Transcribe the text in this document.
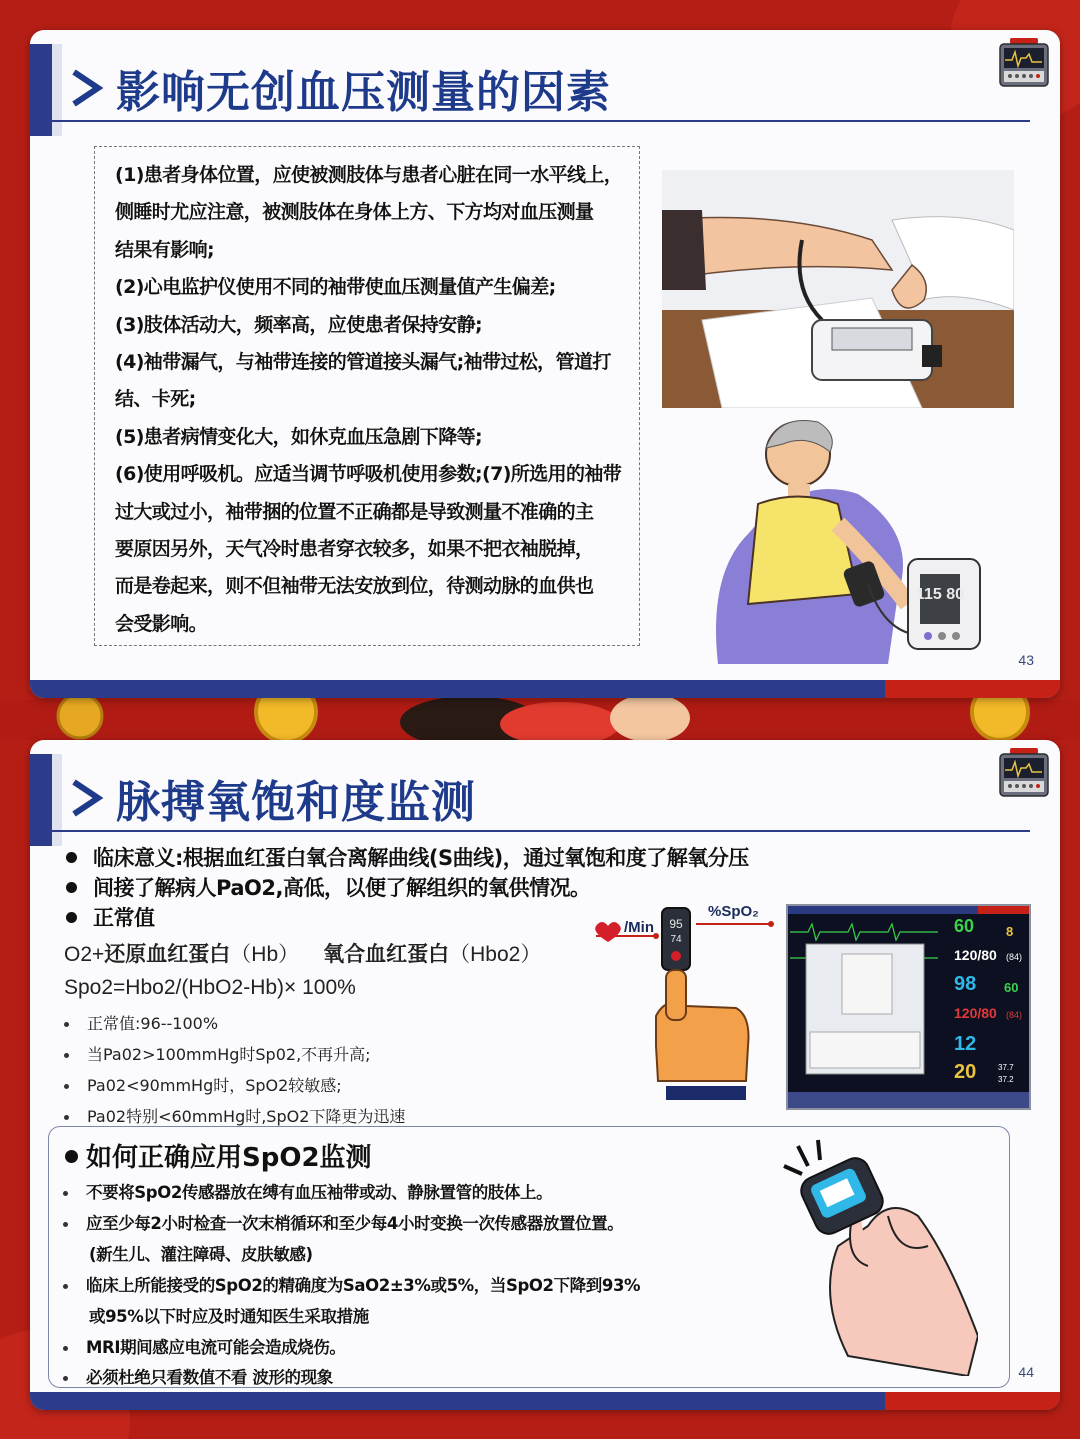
影响无创血压测量的因素
(1)患者身体位置，应使被测肢体与患者心脏在同一水平线上，
侧睡时尤应注意，被测肢体在身体上方、下方均对血压测量
结果有影响;
(2)心电监护仪使用不同的袖带使血压测量值产生偏差;
(3)肢体活动大，频率高，应使患者保持安静;
(4)袖带漏气，与袖带连接的管道接头漏气;袖带过松，管道打
结、卡死;
(5)患者病情变化大，如休克血压急剧下降等;
(6)使用呼吸机。应适当调节呼吸机使用参数;(7)所选用的袖带
过大或过小，袖带捆的位置不正确都是导致测量不准确的主
要原因另外，天气冷时患者穿衣较多，如果不把衣袖脱掉，
而是卷起来，则不但袖带无法安放到位，待测动脉的血供也
会受影响。
115 80
43
脉搏氧饱和度监测
临床意义:根据血红蛋白氧合离解曲线(S曲线)，通过氧饱和度了解氧分压
间接了解病人PaO2,高低，以便了解组织的氧供情况。
正常值
O2+还原血红蛋白（Hb） 氧合血红蛋白（Hbo2）
Spo2=Hbo2/(HbO2-Hb)× 100%
正常值:96--100%
当Pa02>100mmHg时Sp02,不再升高;
Pa02<90mmHg时，SpO2较敏感;
Pa02特别<60mmHg时,SpO2下降更为迅速
/Min
%SpO₂
95
74
60 8
120/80 (84)
98 60
120/80 (84)
12
20	37.7
37.2
如何正确应用SpO2监测
不要将SpO2传感器放在缚有血压袖带或动、静脉置管的肢体上。
应至少每2小时检查一次末梢循环和至少每4小时变换一次传感器放置位置。
(新生儿、灌注障碍、皮肤敏感)
临床上所能接受的SpO2的精确度为SaO2±3%或5%，当SpO2下降到93%
或95%以下时应及时通知医生采取措施
MRI期间感应电流可能会造成烧伤。
必须杜绝只看数值不看 波形的现象	44
